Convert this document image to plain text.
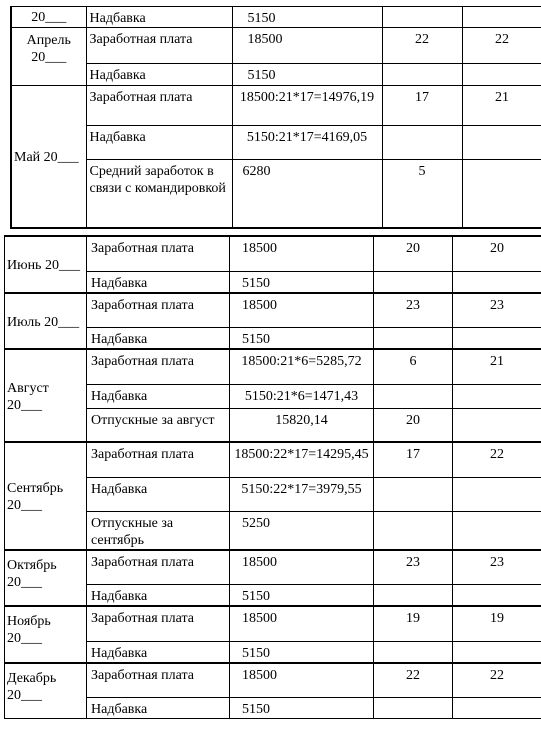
20___	Надбавка	5150		
Апрель 20___	Заработная плата	18500	22	22
	Надбавка	5150		
Май 20___	Заработная плата	18500:21*17=14976,19	17	21
	Надбавка	5150:21*17=4169,05		
	Средний заработок в связи с командировкой	6280	5	
Июнь 20___	Заработная плата	18500	20	20
	Надбавка	5150		
Июль 20___	Заработная плата	18500	23	23
	Надбавка	5150		
Август 20___	Заработная плата	18500:21*6=5285,72	6	21
	Надбавка	5150:21*6=1471,43		
	Отпускные за август	15820,14	20	
Сентябрь 20___	Заработная плата	18500:22*17=14295,45	17	22
	Надбавка	5150:22*17=3979,55		
	Отпускные за сентябрь	5250		
Октябрь 20___	Заработная плата	18500	23	23
	Надбавка	5150		
Ноябрь 20___	Заработная плата	18500	19	19
	Надбавка	5150		
Декабрь 20___	Заработная плата	18500	22	22
	Надбавка	5150		
